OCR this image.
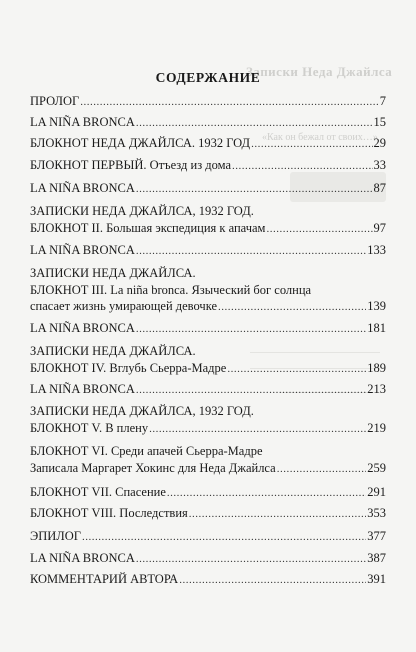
Записки Неда Джайлса
«Как он бежал от своих…»
СОДЕРЖАНИЕ
ПРОЛОГ .....	7
LA NIÑA BRONCA .....	15
БЛОКНОТ НЕДА ДЖАЙЛСА. 1932 ГОД .....	29
БЛОКНОТ ПЕРВЫЙ. Отъезд из дома .....	33
LA NIÑA BRONCA .....	87
ЗАПИСКИ НЕДА ДЖАЙЛСА, 1932 ГОД.
БЛОКНОТ II. Большая экспедиция к апачам .....	97
LA NIÑA BRONCA .....	133
ЗАПИСКИ НЕДА ДЖАЙЛСА.
БЛОКНОТ III. La niña bronca. Языческий бог солнца
спасает жизнь умирающей девочке .....	139
LA NIÑA BRONCA .....	181
ЗАПИСКИ НЕДА ДЖАЙЛСА.
БЛОКНОТ IV. Вглубь Сьерра-Мадре .....	189
LA NIÑA BRONCA .....	213
ЗАПИСКИ НЕДА ДЖАЙЛСА, 1932 ГОД.
БЛОКНОТ V. В плену .....	219
БЛОКНОТ VI. Среди апачей Сьерра-Мадре
Записала Маргарет Хокинс для Неда Джайлса .....	259
БЛОКНОТ VII. Спасение .....	291
БЛОКНОТ VIII. Последствия .....	353
ЭПИЛОГ .....	377
LA NIÑA BRONCA .....	387
КОММЕНТАРИЙ АВТОРА .....	391
